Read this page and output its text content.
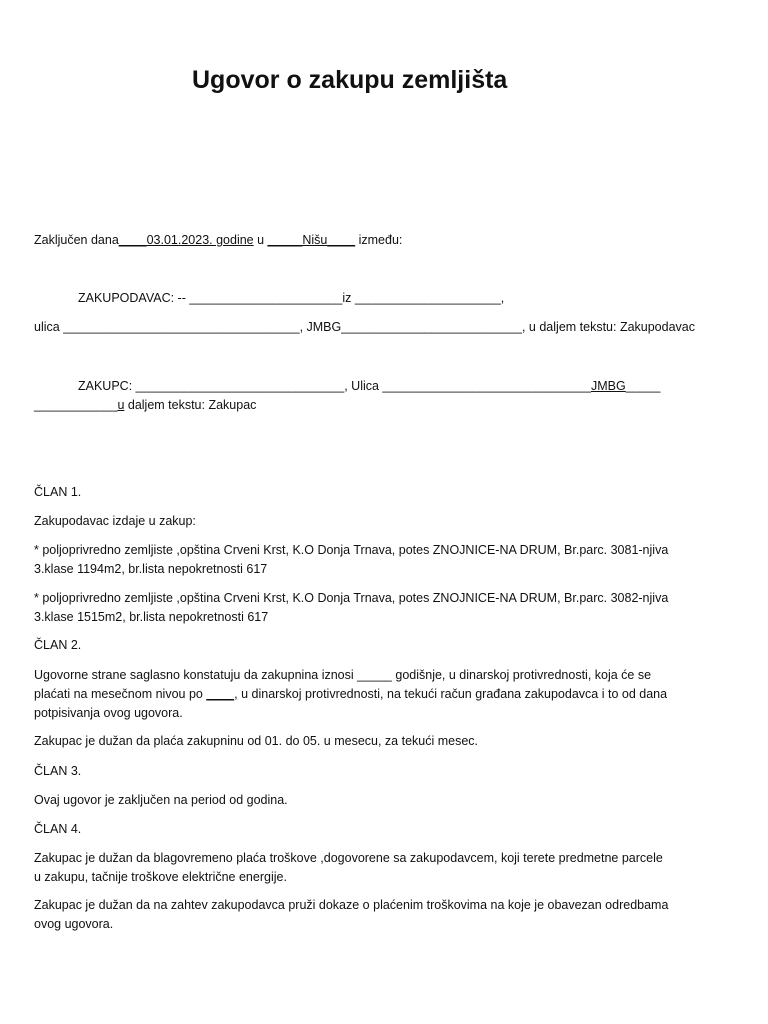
Ugovor o zakupu zemljišta
Zaključen dana____03.01.2023. godine u _____Nišu____ između:
ZAKUPODAVAC: -- ______________________iz _____________________,
ulica __________________________________, JMBG__________________________, u daljem tekstu: Zakupodavac
ZAKUPC: ______________________________, Ulica ______________________________JMBG_____
____________u daljem tekstu: Zakupac
ČLAN 1.
Zakupodavac izdaje u zakup:
* poljoprivredno zemljiste ,opština Crveni Krst, K.O Donja Trnava, potes ZNOJNICE-NA DRUM, Br.parc. 3081-njiva
3.klase 1194m2, br.lista nepokretnosti 617
* poljoprivredno zemljiste ,opština Crveni Krst, K.O Donja Trnava, potes ZNOJNICE-NA DRUM, Br.parc. 3082-njiva
3.klase 1515m2, br.lista nepokretnosti 617
ČLAN 2.
Ugovorne strane saglasno konstatuju da zakupnina iznosi _____ godišnje, u dinarskoj protivrednosti, koja će se
plaćati na mesečnom nivou po ____, u dinarskoj protivrednosti, na tekući račun građana zakupodavca i to od dana
potpisivanja ovog ugovora.
Zakupac je dužan da plaća zakupninu od 01. do 05. u mesecu, za tekući mesec.
ČLAN 3.
Ovaj ugovor je zaključen na period od godina.
ČLAN 4.
Zakupac je dužan da blagovremeno plaća troškove ,dogovorene sa zakupodavcem, koji terete predmetne parcele
u zakupu, tačnije troškove električne energije.
Zakupac je dužan da na zahtev zakupodavca pruži dokaze o plaćenim troškovima na koje je obavezan odredbama
ovog ugovora.
